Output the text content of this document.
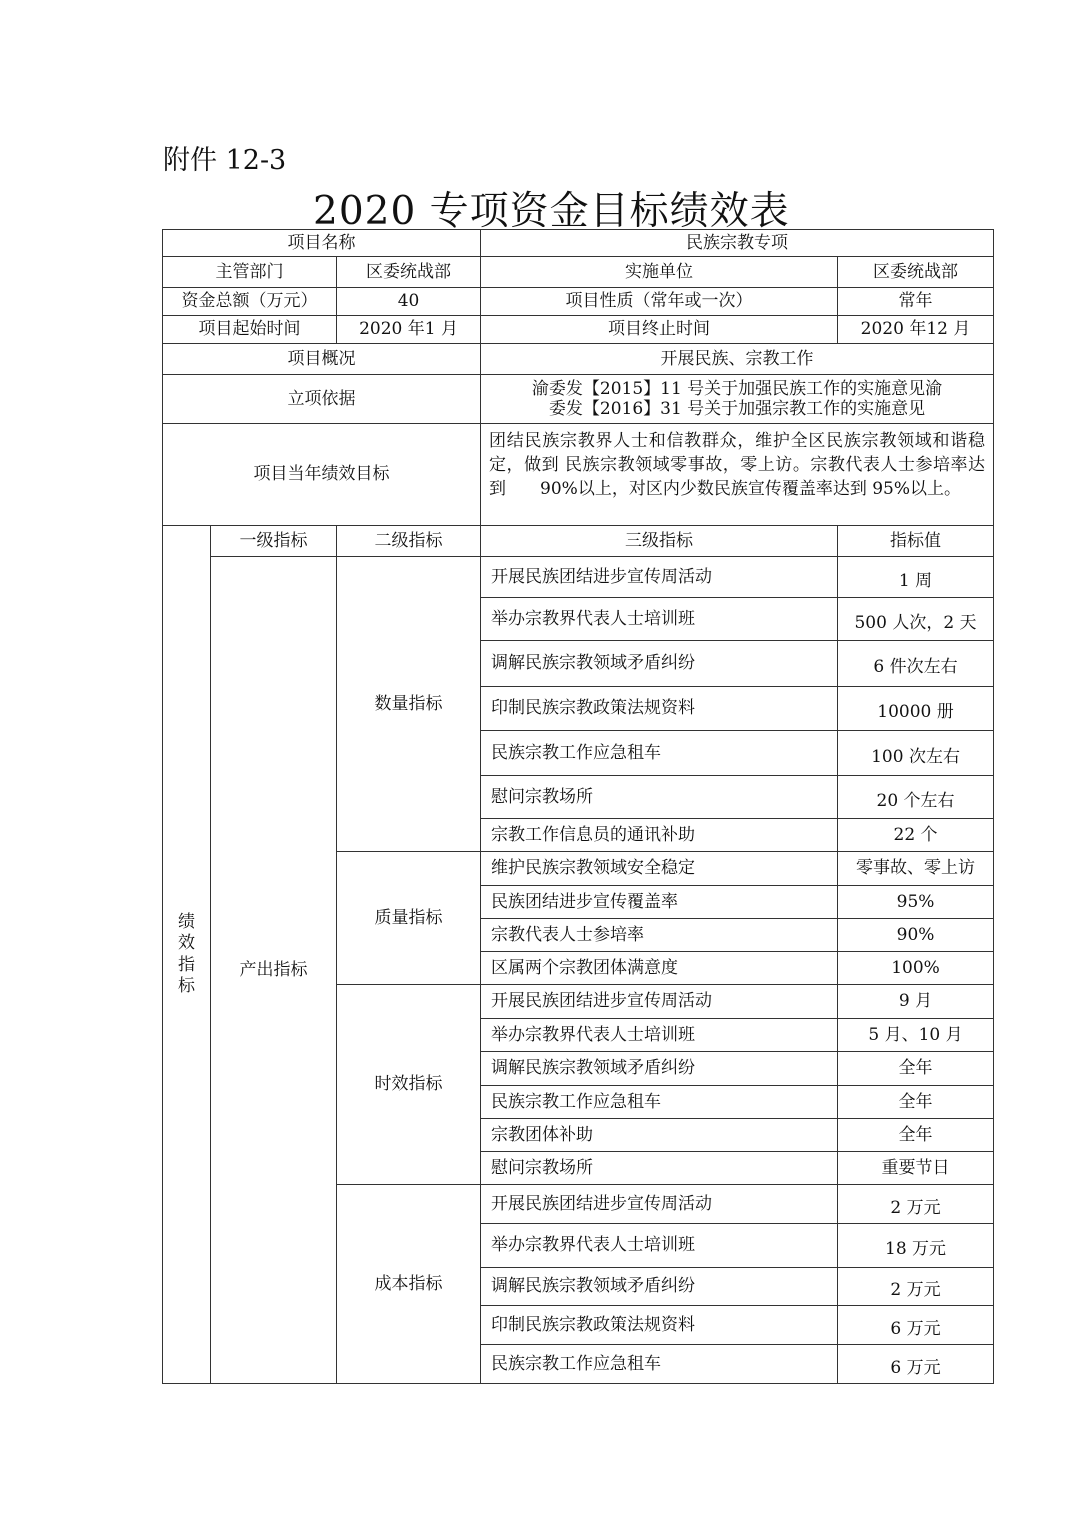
附件 12-3
2020 专项资金目标绩效表
项目名称			民族宗教专项	
主管部门		区委统战部	实施单位	区委统战部
资金总额（万元）		40	项目性质（常年或一次）	常年
项目起始时间		2020 年1 月	项目终止时间	2020 年12 月
项目概况			开展民族、宗教工作	
立项依据			渝委发【2015】11 号关于加强民族工作的实施意见渝
委发【2016】31 号关于加强宗教工作的实施意见	

项目当年绩效目标			团结民族宗教界人士和信教群众，维护全区民族宗教领域和谐稳定，做到 民族宗教领域零事故，零上访。宗教代表人士参培率达到　　90%以上，对区内少数民族宣传覆盖率达到 95%以上。	

绩
效
指
标	一级指标	二级指标	三级指标	指标值
	产出指标	数量指标	开展民族团结进步宣传周活动	1 周
			举办宗教界代表人士培训班	500 人次，2 天
			调解民族宗教领域矛盾纠纷	6 件次左右
			印制民族宗教政策法规资料	10000 册
			民族宗教工作应急租车	100 次左右
			慰问宗教场所	20 个左右
			宗教工作信息员的通讯补助	22 个
		质量指标	维护民族宗教领域安全稳定	零事故、零上访
			民族团结进步宣传覆盖率	95%
			宗教代表人士参培率	90%
			区属两个宗教团体满意度	100%
		时效指标	开展民族团结进步宣传周活动	9 月
			举办宗教界代表人士培训班	5 月、10 月
			调解民族宗教领域矛盾纠纷	全年
			民族宗教工作应急租车	全年
			宗教团体补助	全年
			慰问宗教场所	重要节日
		成本指标	开展民族团结进步宣传周活动	2 万元
			举办宗教界代表人士培训班	18 万元
			调解民族宗教领域矛盾纠纷	2 万元
			印制民族宗教政策法规资料	6 万元
			民族宗教工作应急租车	6 万元
